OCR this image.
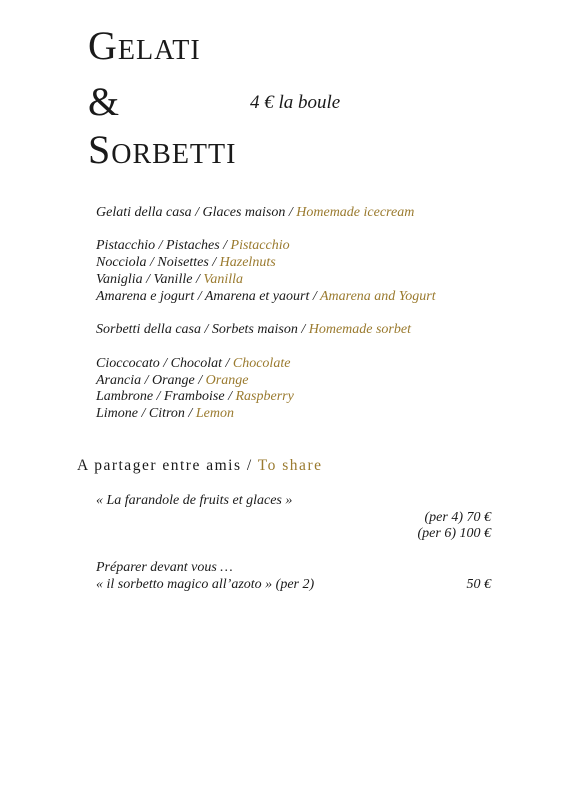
Gelati
&
Sorbetti
4 € la boule
Gelati della casa / Glaces maison / Homemade icecream
Pistacchio / Pistaches / Pistacchio
Nocciola / Noisettes / Hazelnuts
Vaniglia / Vanille / Vanilla
Amarena e jogurt / Amarena et yaourt / Amarena and Yogurt
Sorbetti della casa / Sorbets maison / Homemade sorbet
Cioccocato / Chocolat / Chocolate
Arancia / Orange / Orange
Lambrone / Framboise / Raspberry
Limone / Citron / Lemon
A partager entre amis / To share
« La farandole de fruits et glaces »
(per 4) 70 €
(per 6) 100 €
Préparer devant vous …
« il sorbetto magico all’azoto » (per 2)	50 €
